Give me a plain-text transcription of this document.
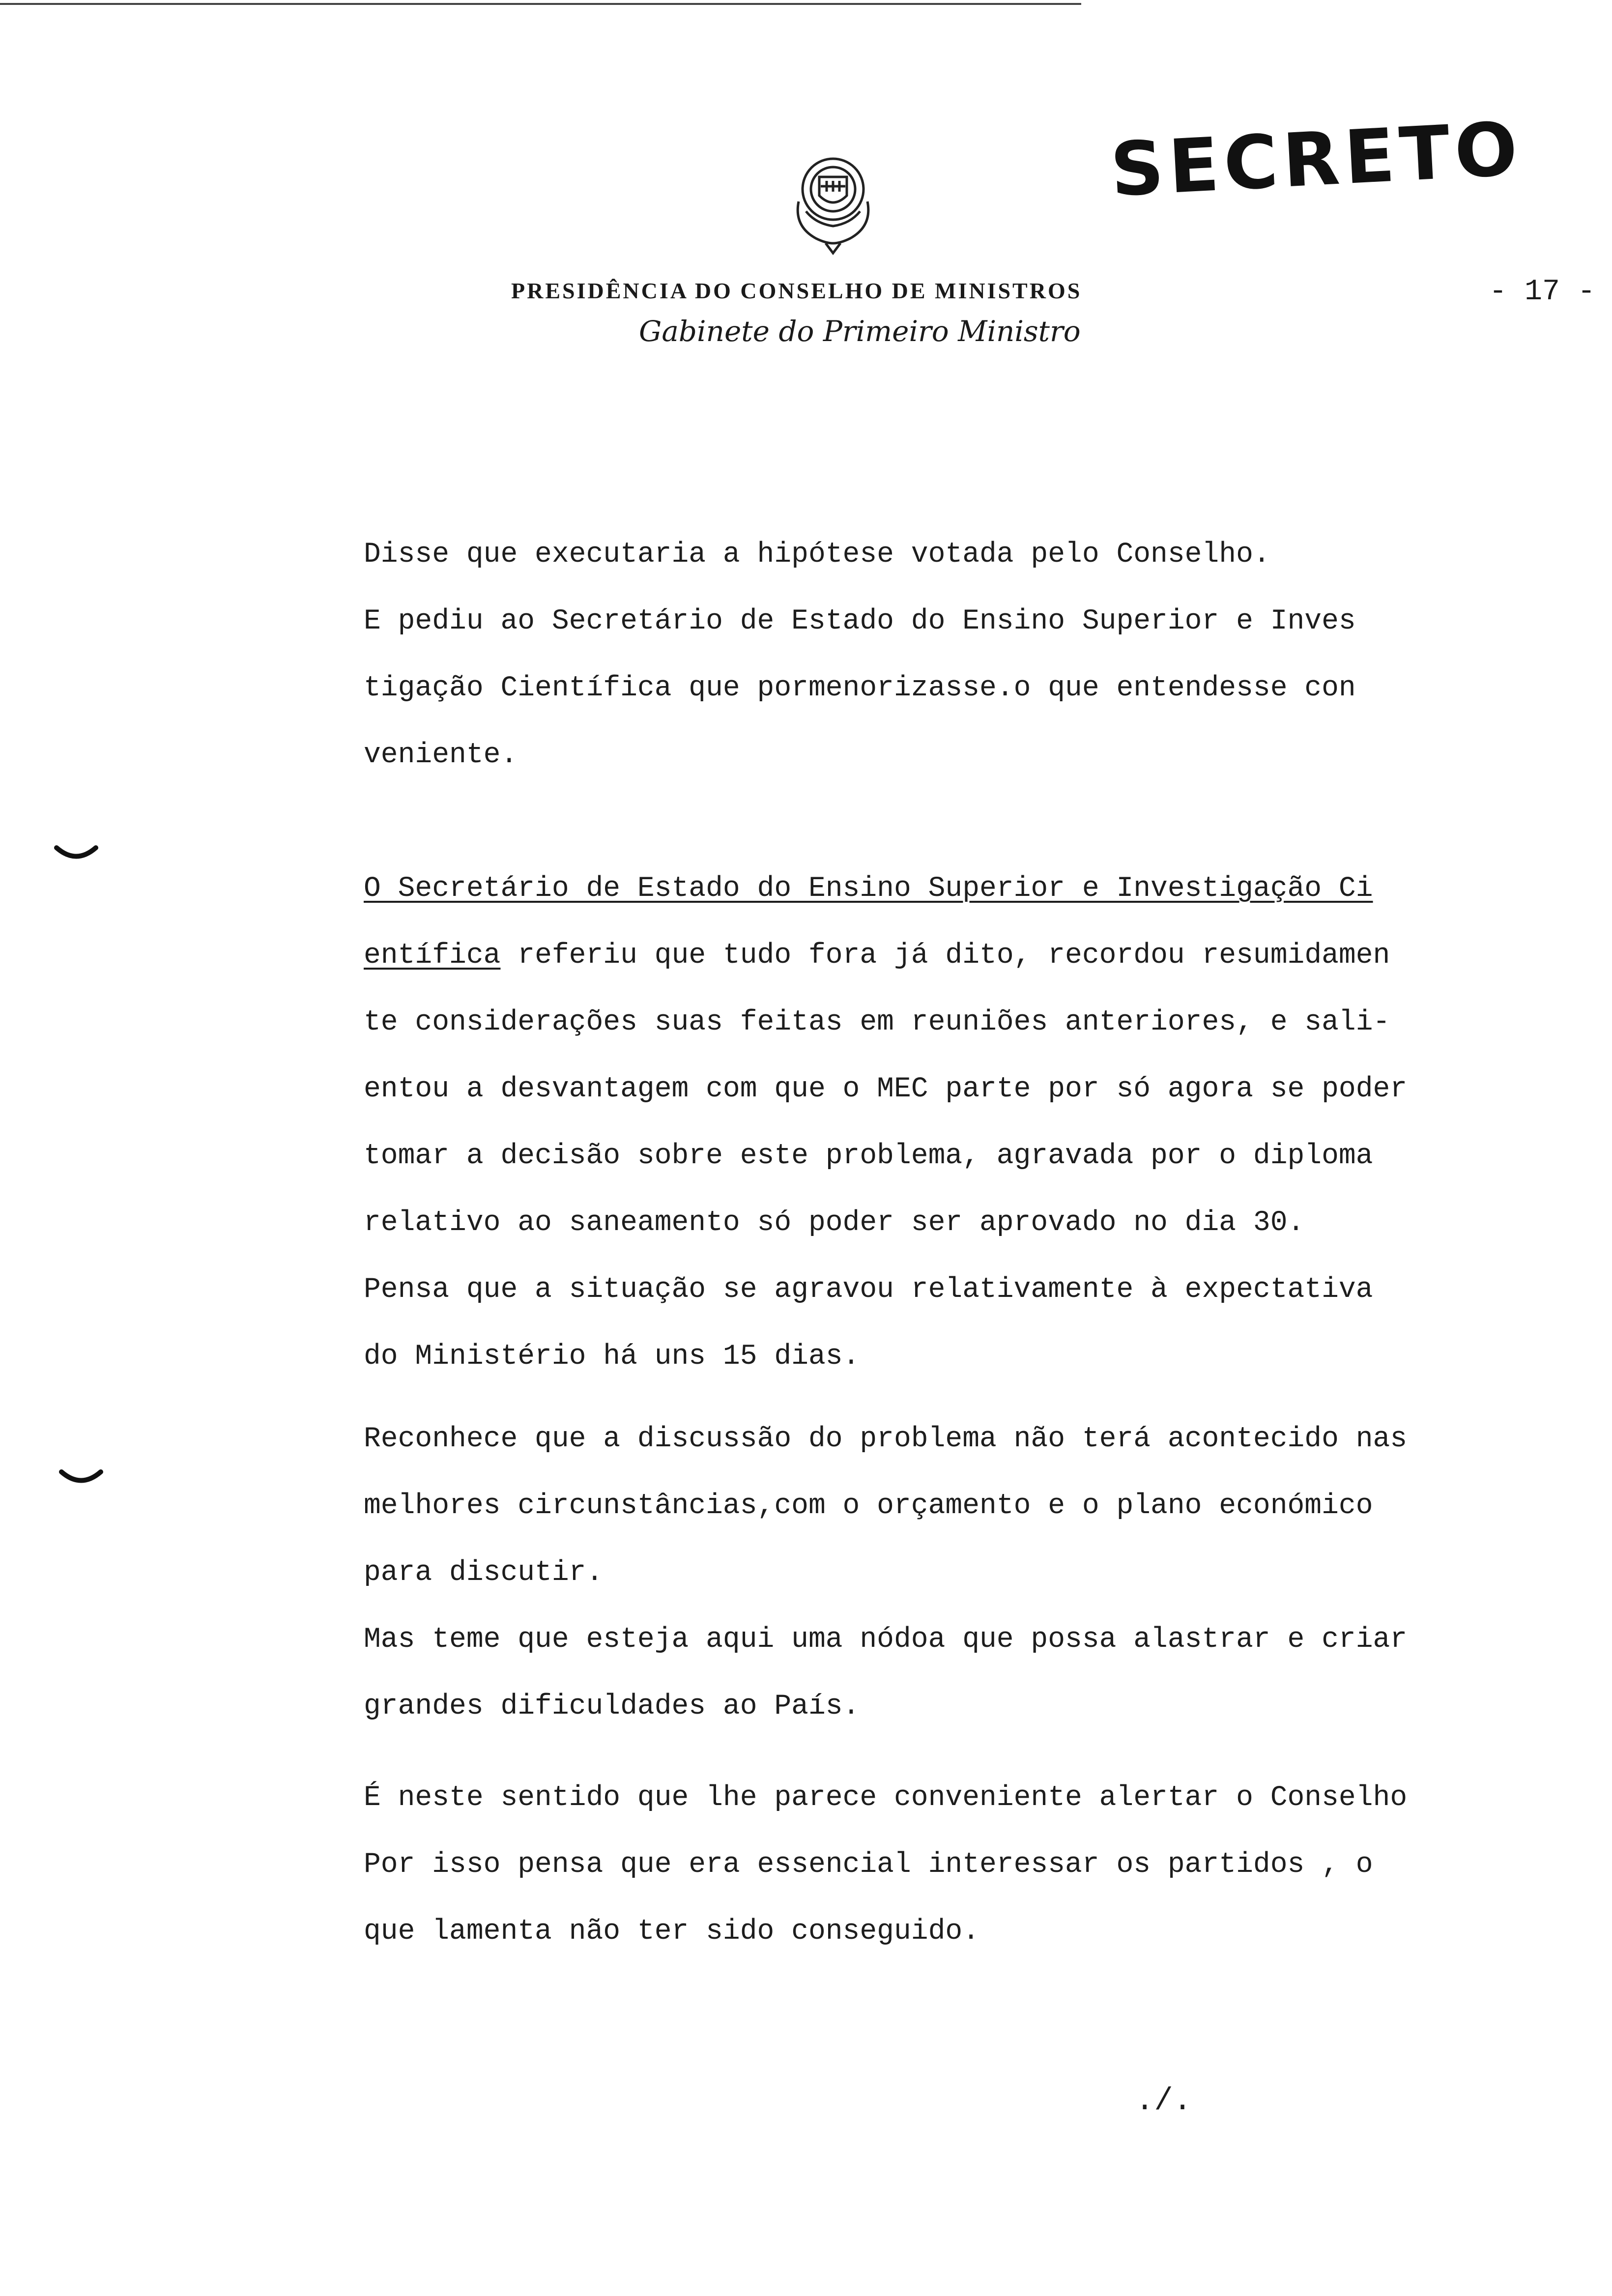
SECRETO
PRESIDÊNCIA DO CONSELHO DE MINISTROS
Gabinete do Primeiro Ministro
- 17 -
Disse que executaria a hipótese votada pelo Conselho.
E pediu ao Secretário de Estado do Ensino Superior e Inves
tigação Científica que pormenorizasse.o que entendesse con
veniente.
O Secretário de Estado do Ensino Superior e Investigação Ci
entífica referiu que tudo fora já dito, recordou resumidamen
te considerações suas feitas em reuniões anteriores, e sali-
entou a desvantagem com que o MEC parte por só agora se poder
tomar a decisão sobre este problema, agravada por o diploma
relativo ao saneamento só poder ser aprovado no dia 30.
Pensa que a situação se agravou relativamente à expectativa
do Ministério há uns 15 dias.
Reconhece que a discussão do problema não terá acontecido nas
melhores circunstâncias,com o orçamento e o plano económico
para discutir.
Mas teme que esteja aqui uma nódoa que possa alastrar e criar
grandes dificuldades ao País.
É neste sentido que lhe parece conveniente alertar o Conselho
Por isso pensa que era essencial interessar os partidos , o
que lamenta não ter sido conseguido.
./.
